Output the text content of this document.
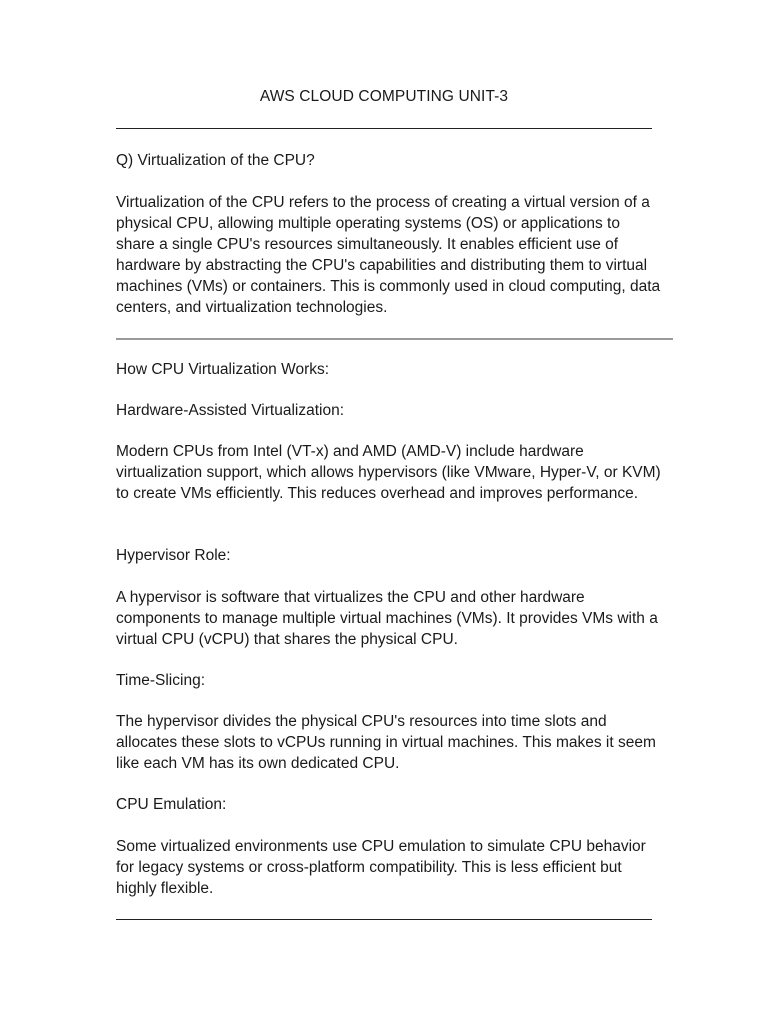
AWS CLOUD COMPUTING UNIT-3

Q) Virtualization of the CPU?

Virtualization of the CPU refers to the process of creating a virtual version of a physical CPU, allowing multiple operating systems (OS) or applications to share a single CPU's resources simultaneously. It enables efficient use of hardware by abstracting the CPU's capabilities and distributing them to virtual machines (VMs) or containers. This is commonly used in cloud computing, data centers, and virtualization technologies.

How CPU Virtualization Works:

Hardware-Assisted Virtualization:

Modern CPUs from Intel (VT-x) and AMD (AMD-V) include hardware virtualization support, which allows hypervisors (like VMware, Hyper-V, or KVM) to create VMs efficiently. This reduces overhead and improves performance.

Hypervisor Role:

A hypervisor is software that virtualizes the CPU and other hardware components to manage multiple virtual machines (VMs). It provides VMs with a virtual CPU (vCPU) that shares the physical CPU.

Time-Slicing:

The hypervisor divides the physical CPU's resources into time slots and allocates these slots to vCPUs running in virtual machines. This makes it seem like each VM has its own dedicated CPU.

CPU Emulation:

Some virtualized environments use CPU emulation to simulate CPU behavior for legacy systems or cross-platform compatibility. This is less efficient but highly flexible.
